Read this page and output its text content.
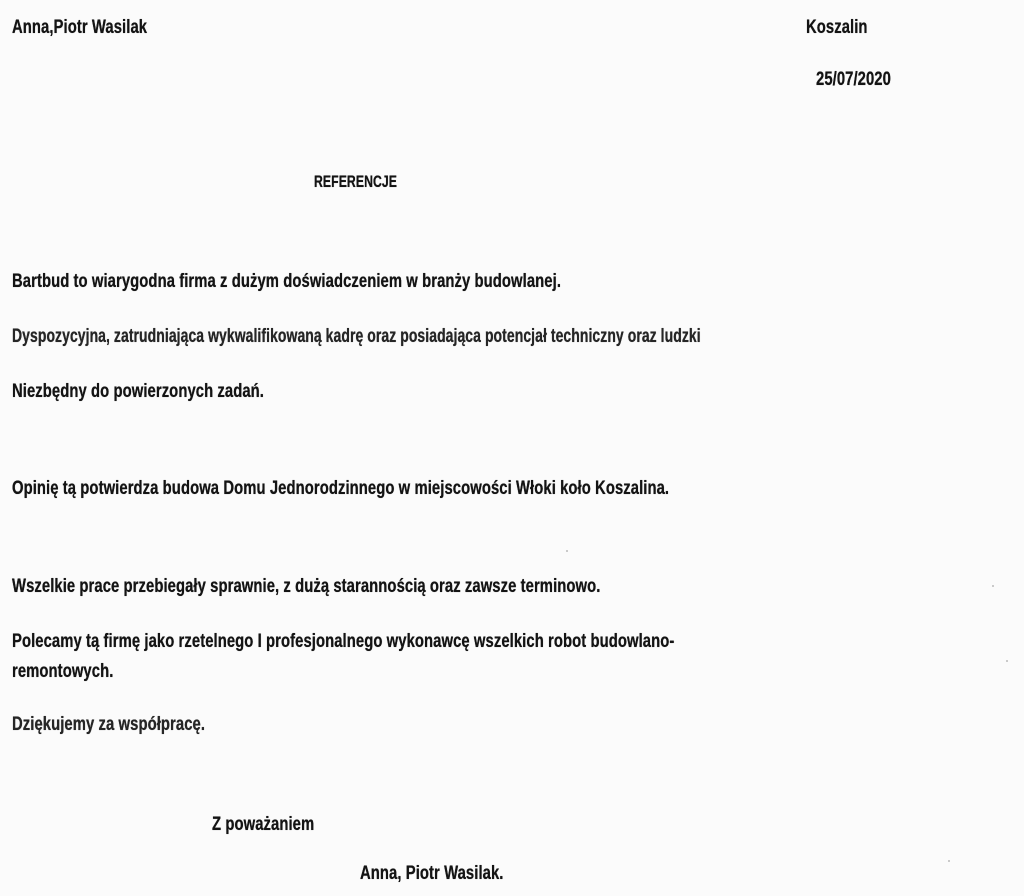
Anna,Piotr Wasilak	Koszalin
25/07/2020
REFERENCJE
Bartbud to wiarygodna firma z dużym doświadczeniem w branży budowlanej.
Dyspozycyjna, zatrudniająca wykwalifikowaną kadrę oraz posiadająca potencjał techniczny oraz ludzki
Niezbędny do powierzonych zadań.
Opinię tą potwierdza budowa Domu Jednorodzinnego w miejscowości Włoki koło Koszalina.
Wszelkie prace przebiegały sprawnie, z dużą starannością oraz zawsze terminowo.
Polecamy tą firmę jako rzetelnego I profesjonalnego wykonawcę wszelkich robot budowlano-
remontowych.
Dziękujemy za współpracę.
Z poważaniem
Anna, Piotr Wasilak.
